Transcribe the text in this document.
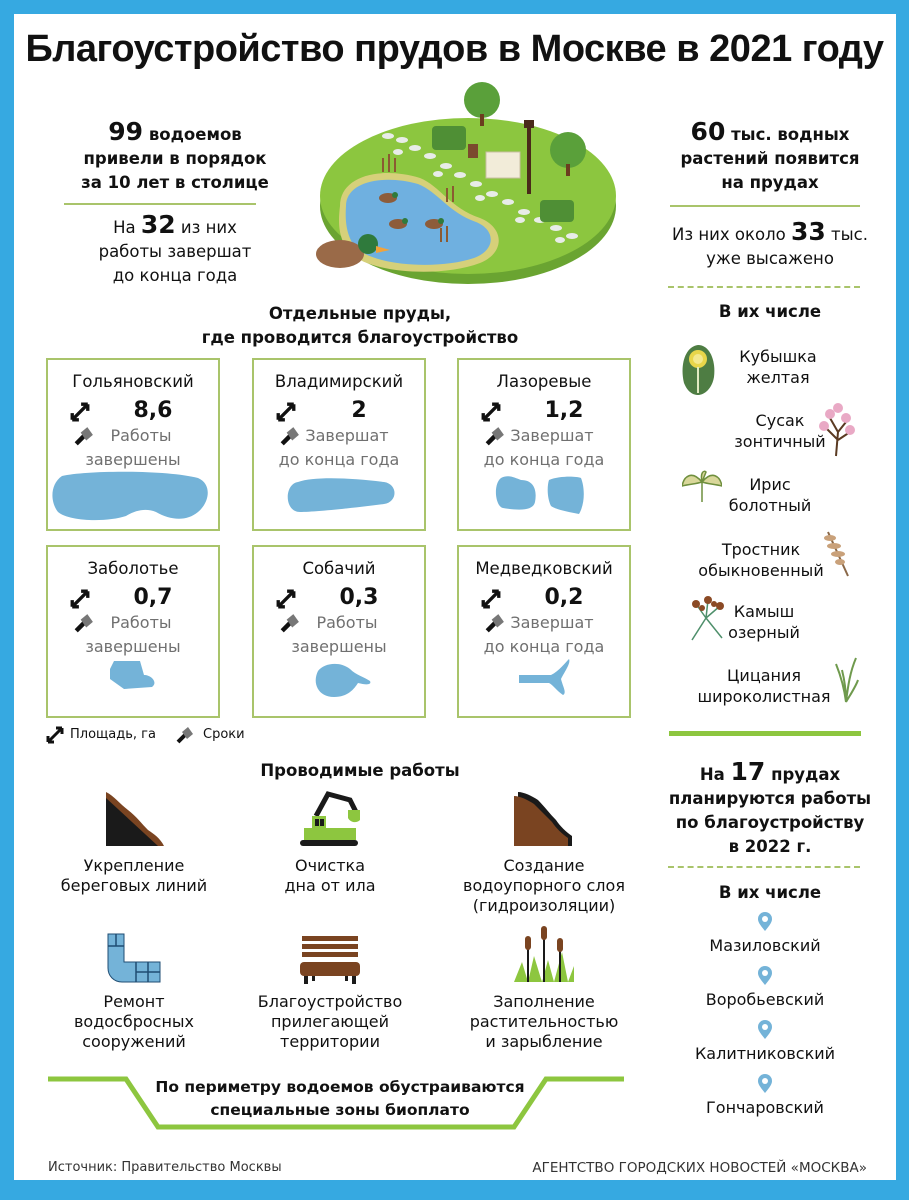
Благоустройство прудов в Москве в 2021 году
99 водоемов
привели в порядок
за 10 лет в столице
На 32 из них
работы завершат
до конца года
60 тыс. водных
растений появится
на прудах
Из них около 33 тыс.
уже высажено
В их числе
Кубышка
желтая
Сусак
зонтичный
Ирис
болотный
Тростник
обыкновенный
Камыш
озерный
Цицания
широколистная
На 17 прудах
планируются работы
по благоустройству
в 2022 г.
В их числе
Мазиловский
Воробьевский
Калитниковский
Гончаровский
Отдельные пруды,
где проводится благоустройство
Гольяновский
8,6
Работы
завершены
Владимирский
2
Завершат
до конца года
Лазоревые
1,2
Завершат
до конца года
Заболотье
0,7
Работы
завершены
Собачий
0,3
Работы
завершены
Медведковский
0,2
Завершат
до конца года
Площадь, га	Сроки
Проводимые работы
Укрепление
береговых линий
Очистка
дна от ила
Создание
водоупорного слоя
(гидроизоляции)
Ремонт
водосбросных
сооружений
Благоустройство
прилегающей
территории
Заполнение
растительностью
и зарыбление
По периметру водоемов обустраиваются
специальные зоны биоплато
Источник: Правительство Москвы	АГЕНТСТВО ГОРОДСКИХ НОВОСТЕЙ «МОСКВА»
